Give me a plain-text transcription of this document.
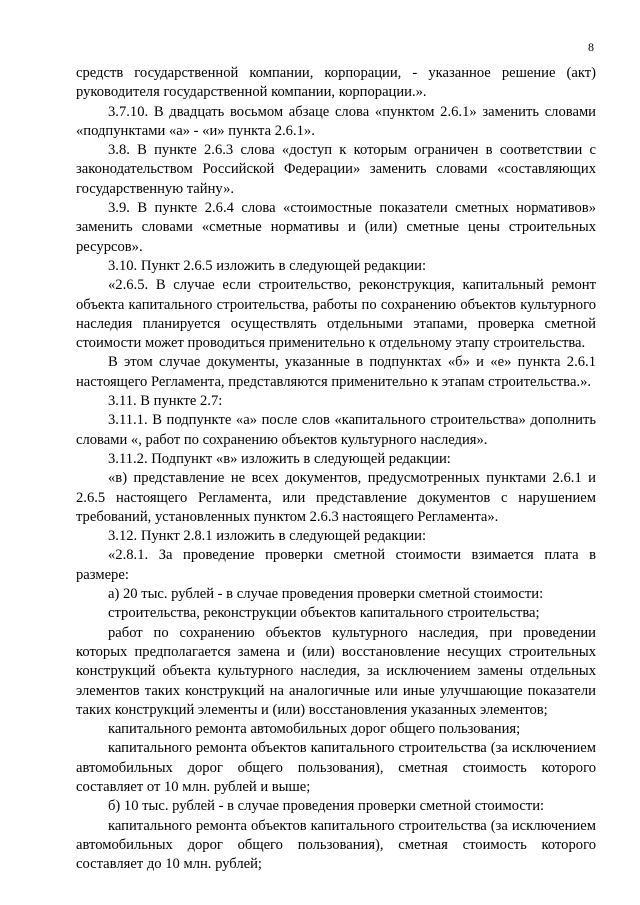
8

средств государственной компании, корпорации, - указанное решение (акт) руководителя государственной компании, корпорации.».

3.7.10. В двадцать восьмом абзаце слова «пунктом 2.6.1» заменить словами «подпунктами «а» - «и» пункта 2.6.1».

3.8. В пункте 2.6.3 слова «доступ к которым ограничен в соответствии с законодательством Российской Федерации» заменить словами «составляющих государственную тайну».

3.9. В пункте 2.6.4 слова «стоимостные показатели сметных нормативов» заменить словами «сметные нормативы и (или) сметные цены строительных ресурсов».

3.10. Пункт 2.6.5 изложить в следующей редакции:

«2.6.5. В случае если строительство, реконструкция, капитальный ремонт объекта капитального строительства, работы по сохранению объектов культурного наследия планируется осуществлять отдельными этапами, проверка сметной стоимости может проводиться применительно к отдельному этапу строительства.

В этом случае документы, указанные в подпунктах «б» и «е» пункта 2.6.1 настоящего Регламента, представляются применительно к этапам строительства.».

3.11. В пункте 2.7:

3.11.1. В подпункте «а» после слов «капитального строительства» дополнить словами «, работ по сохранению объектов культурного наследия».

3.11.2. Подпункт «в» изложить в следующей редакции:

«в) представление не всех документов, предусмотренных пунктами 2.6.1 и 2.6.5 настоящего Регламента, или представление документов с нарушением требований, установленных пунктом 2.6.3 настоящего Регламента».

3.12. Пункт 2.8.1 изложить в следующей редакции:

«2.8.1. За проведение проверки сметной стоимости взимается плата в размере:

а) 20 тыс. рублей - в случае проведения проверки сметной стоимости:

строительства, реконструкции объектов капитального строительства;

работ по сохранению объектов культурного наследия, при проведении которых предполагается замена и (или) восстановление несущих строительных конструкций объекта культурного наследия, за исключением замены отдельных элементов таких конструкций на аналогичные или иные улучшающие показатели таких конструкций элементы и (или) восстановления указанных элементов;

капитального ремонта автомобильных дорог общего пользования;

капитального ремонта объектов капитального строительства (за исключением автомобильных дорог общего пользования), сметная стоимость которого составляет от 10 млн. рублей и выше;

б) 10 тыс. рублей - в случае проведения проверки сметной стоимости:

капитального ремонта объектов капитального строительства (за исключением автомобильных дорог общего пользования), сметная стоимость которого составляет до 10 млн. рублей;
